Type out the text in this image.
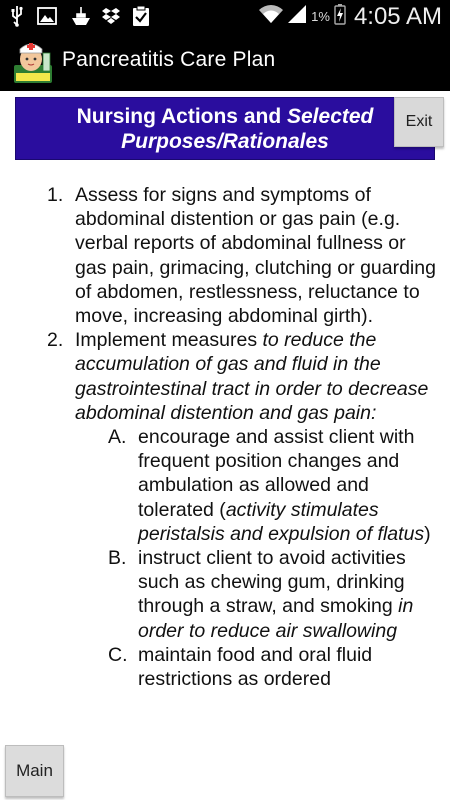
1% 4:05 AM
Pancreatitis Care Plan
Nursing Actions and Selected
Purposes/Rationales
Exit
1. Assess for signs and symptoms of abdominal distention or gas pain (e.g. verbal reports of abdominal fullness or gas pain, grimacing, clutching or guarding of abdomen, restlessness, reluctance to move, increasing abdominal girth).
2. Implement measures to reduce the accumulation of gas and fluid in the gastrointestinal tract in order to decrease abdominal distention and gas pain:
A. encourage and assist client with frequent position changes and ambulation as allowed and tolerated (activity stimulates peristalsis and expulsion of flatus)
B. instruct client to avoid activities such as chewing gum, drinking through a straw, and smoking in order to reduce air swallowing
C. maintain food and oral fluid restrictions as ordered
Main
